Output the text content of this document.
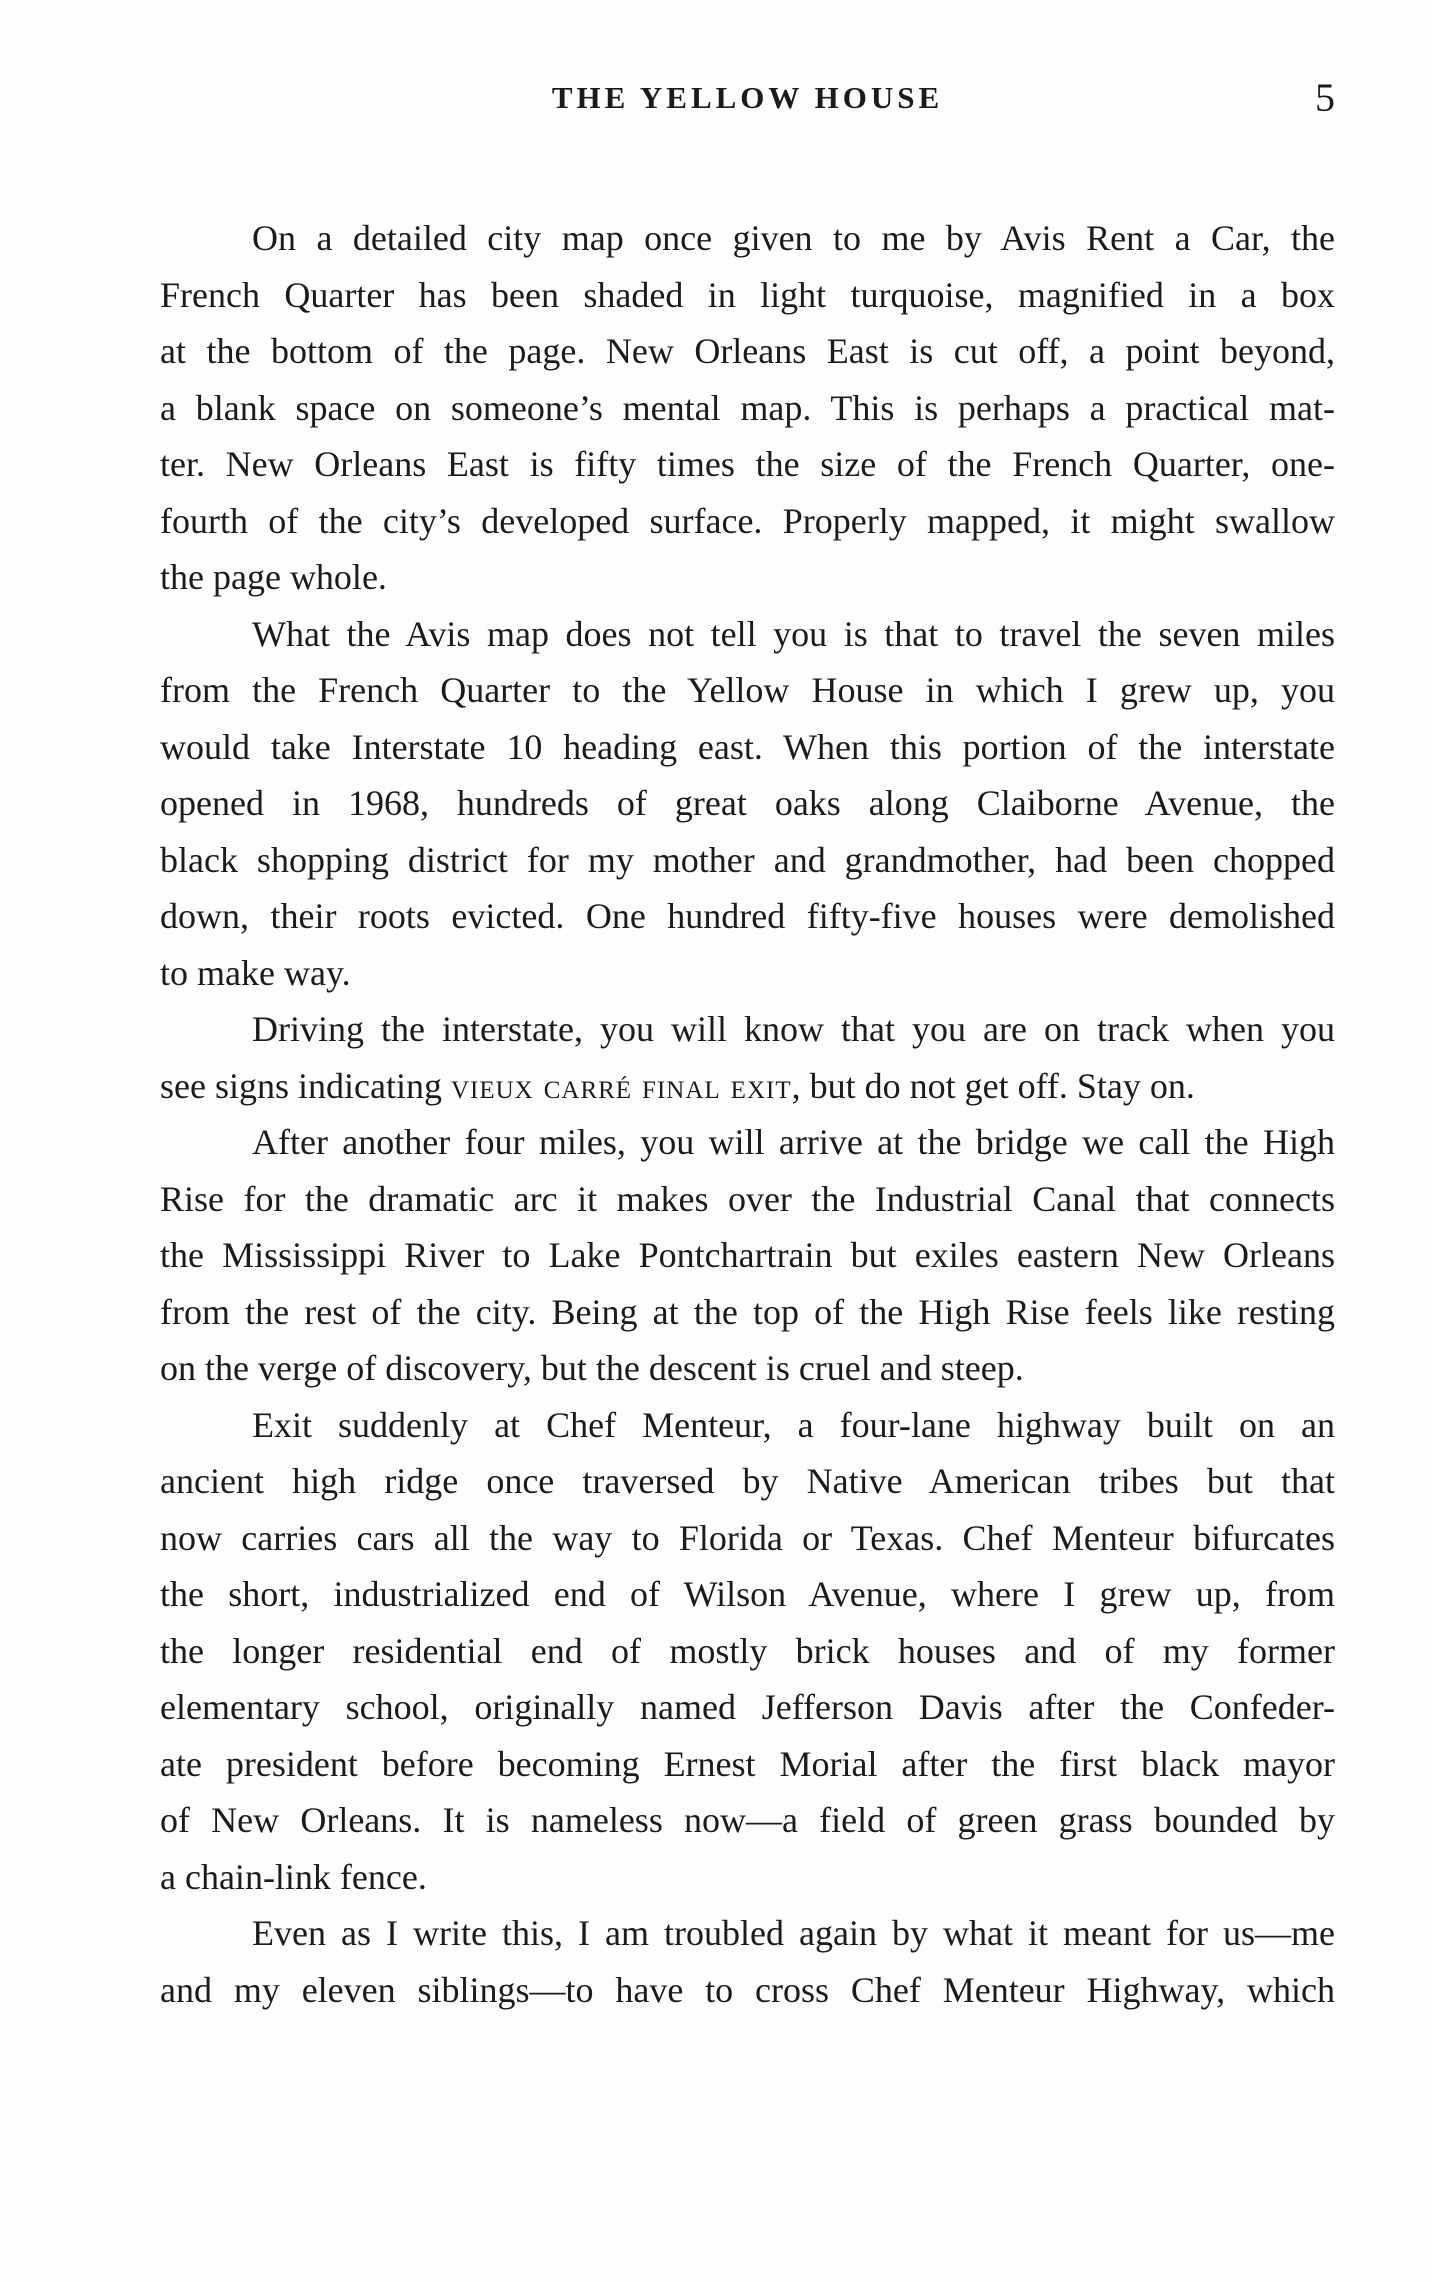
THE YELLOW HOUSE	5
On a detailed city map once given to me by Avis Rent a Car, the
French Quarter has been shaded in light turquoise, magnified in a box
at the bottom of the page. New Orleans East is cut off, a point beyond,
a blank space on someone’s mental map. This is perhaps a practical mat-
ter. New Orleans East is fifty times the size of the French Quarter, one-
fourth of the city’s developed surface. Properly mapped, it might swallow
the page whole.
What the Avis map does not tell you is that to travel the seven miles
from the French Quarter to the Yellow House in which I grew up, you
would take Interstate 10 heading east. When this portion of the interstate
opened in 1968, hundreds of great oaks along Claiborne Avenue, the
black shopping district for my mother and grandmother, had been chopped
down, their roots evicted. One hundred fifty-five houses were demolished
to make way.
Driving the interstate, you will know that you are on track when you
see signs indicating vieux carré final exit, but do not get off. Stay on.
After another four miles, you will arrive at the bridge we call the High
Rise for the dramatic arc it makes over the Industrial Canal that connects
the Mississippi River to Lake Pontchartrain but exiles eastern New Orleans
from the rest of the city. Being at the top of the High Rise feels like resting
on the verge of discovery, but the descent is cruel and steep.
Exit suddenly at Chef Menteur, a four-lane highway built on an
ancient high ridge once traversed by Native American tribes but that
now carries cars all the way to Florida or Texas. Chef Menteur bifurcates
the short, industrialized end of Wilson Avenue, where I grew up, from
the longer residential end of mostly brick houses and of my former
elementary school, originally named Jefferson Davis after the Confeder-
ate president before becoming Ernest Morial after the first black mayor
of New Orleans. It is nameless now—a field of green grass bounded by
a chain-link fence.
Even as I write this, I am troubled again by what it meant for us—me
and my eleven siblings—to have to cross Chef Menteur Highway, which
